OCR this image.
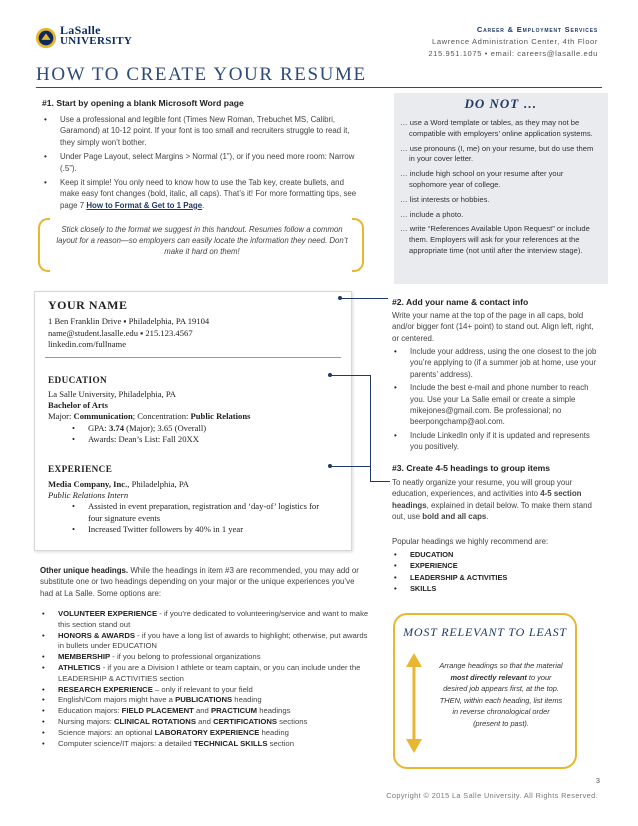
LaSalle
UNIVERSITY
Career & Employment Services
Lawrence Administration Center, 4th Floor
215.951.1075 • email: careers@lasalle.edu
HOW TO CREATE YOUR RESUME
#1. Start by opening a blank Microsoft Word page
• Use a professional and legible font (Times New Roman, Trebuchet MS, Calibri, Garamond) at 10-12 point. If your font is too small and recruiters struggle to read it, they simply won’t bother.
• Under Page Layout, select Margins > Normal (1”), or if you need more room: Narrow (.5”).
• Keep it simple! You only need to know how to use the Tab key, create bullets, and make easy font changes (bold, italic, all caps). That’s it! For more formatting tips, see page 7 How to Format & Get to 1 Page.
Stick closely to the format we suggest in this handout. Resumes follow a common layout for a reason—so employers can easily locate the information they need. Don’t make it hard on them!
DO NOT …
… use a Word template or tables, as they may not be compatible with employers’ online application systems.
… use pronouns (I, me) on your resume, but do use them in your cover letter.
… include high school on your resume after your sophomore year of college.
… list interests or hobbies.
… include a photo.
… write “References Available Upon Request” or include them. Employers will ask for your references at the appropriate time (not until after the interview stage).
YOUR NAME
1 Ben Franklin Drive ▪ Philadelphia, PA 19104
name@student.lasalle.edu ▪ 215.123.4567
linkedin.com/fullname
EDUCATION
La Salle University, Philadelphia, PA
Bachelor of Arts
Major: Communication; Concentration: Public Relations
• GPA: 3.74 (Major); 3.65 (Overall)
• Awards: Dean’s List: Fall 20XX
EXPERIENCE
Media Company, Inc., Philadelphia, PA
Public Relations Intern
• Assisted in event preparation, registration and ‘day-of’ logistics for four signature events
• Increased Twitter followers by 40% in 1 year
#2. Add your name & contact info
Write your name at the top of the page in all caps, bold and/or bigger font (14+ point) to stand out. Align left, right, or centered.
• Include your address, using the one closest to the job you’re applying to (if a summer job at home, use your parents’ address).
• Include the best e-mail and phone number to reach you. Use your La Salle email or create a simple mikejones@gmail.com. Be professional; no beerpongchamp@aol.com.
• Include LinkedIn only if it is updated and represents you positively.
#3. Create 4-5 headings to group items
To neatly organize your resume, you will group your education, experiences, and activities into 4-5 section headings, explained in detail below. To make them stand out, use bold and all caps.
Popular headings we highly recommend are:
• EDUCATION
• EXPERIENCE
• LEADERSHIP & ACTIVITIES
• SKILLS
Other unique headings. While the headings in item #3 are recommended, you may add or substitute one or two headings depending on your major or the unique experiences you’ve had at La Salle. Some options are:
• VOLUNTEER EXPERIENCE - if you’re dedicated to volunteering/service and want to make this section stand out
• HONORS & AWARDS - if you have a long list of awards to highlight; otherwise, put awards in bullets under EDUCATION
• MEMBERSHIP - if you belong to professional organizations
• ATHLETICS - if you are a Division I athlete or team captain, or you can include under the LEADERSHIP & ACTIVITIES section
• RESEARCH EXPERIENCE – only if relevant to your field
• English/Com majors might have a PUBLICATIONS heading
• Education majors: FIELD PLACEMENT and PRACTICUM headings
• Nursing majors: CLINICAL ROTATIONS and CERTIFICATIONS sections
• Science majors: an optional LABORATORY EXPERIENCE heading
• Computer science/IT majors: a detailed TECHNICAL SKILLS section
MOST RELEVANT TO LEAST
Arrange headings so that the material most directly relevant to your desired job appears first, at the top. THEN, within each heading, list items in reverse chronological order (present to past).
3
Copyright © 2015 La Salle University. All Rights Reserved.
